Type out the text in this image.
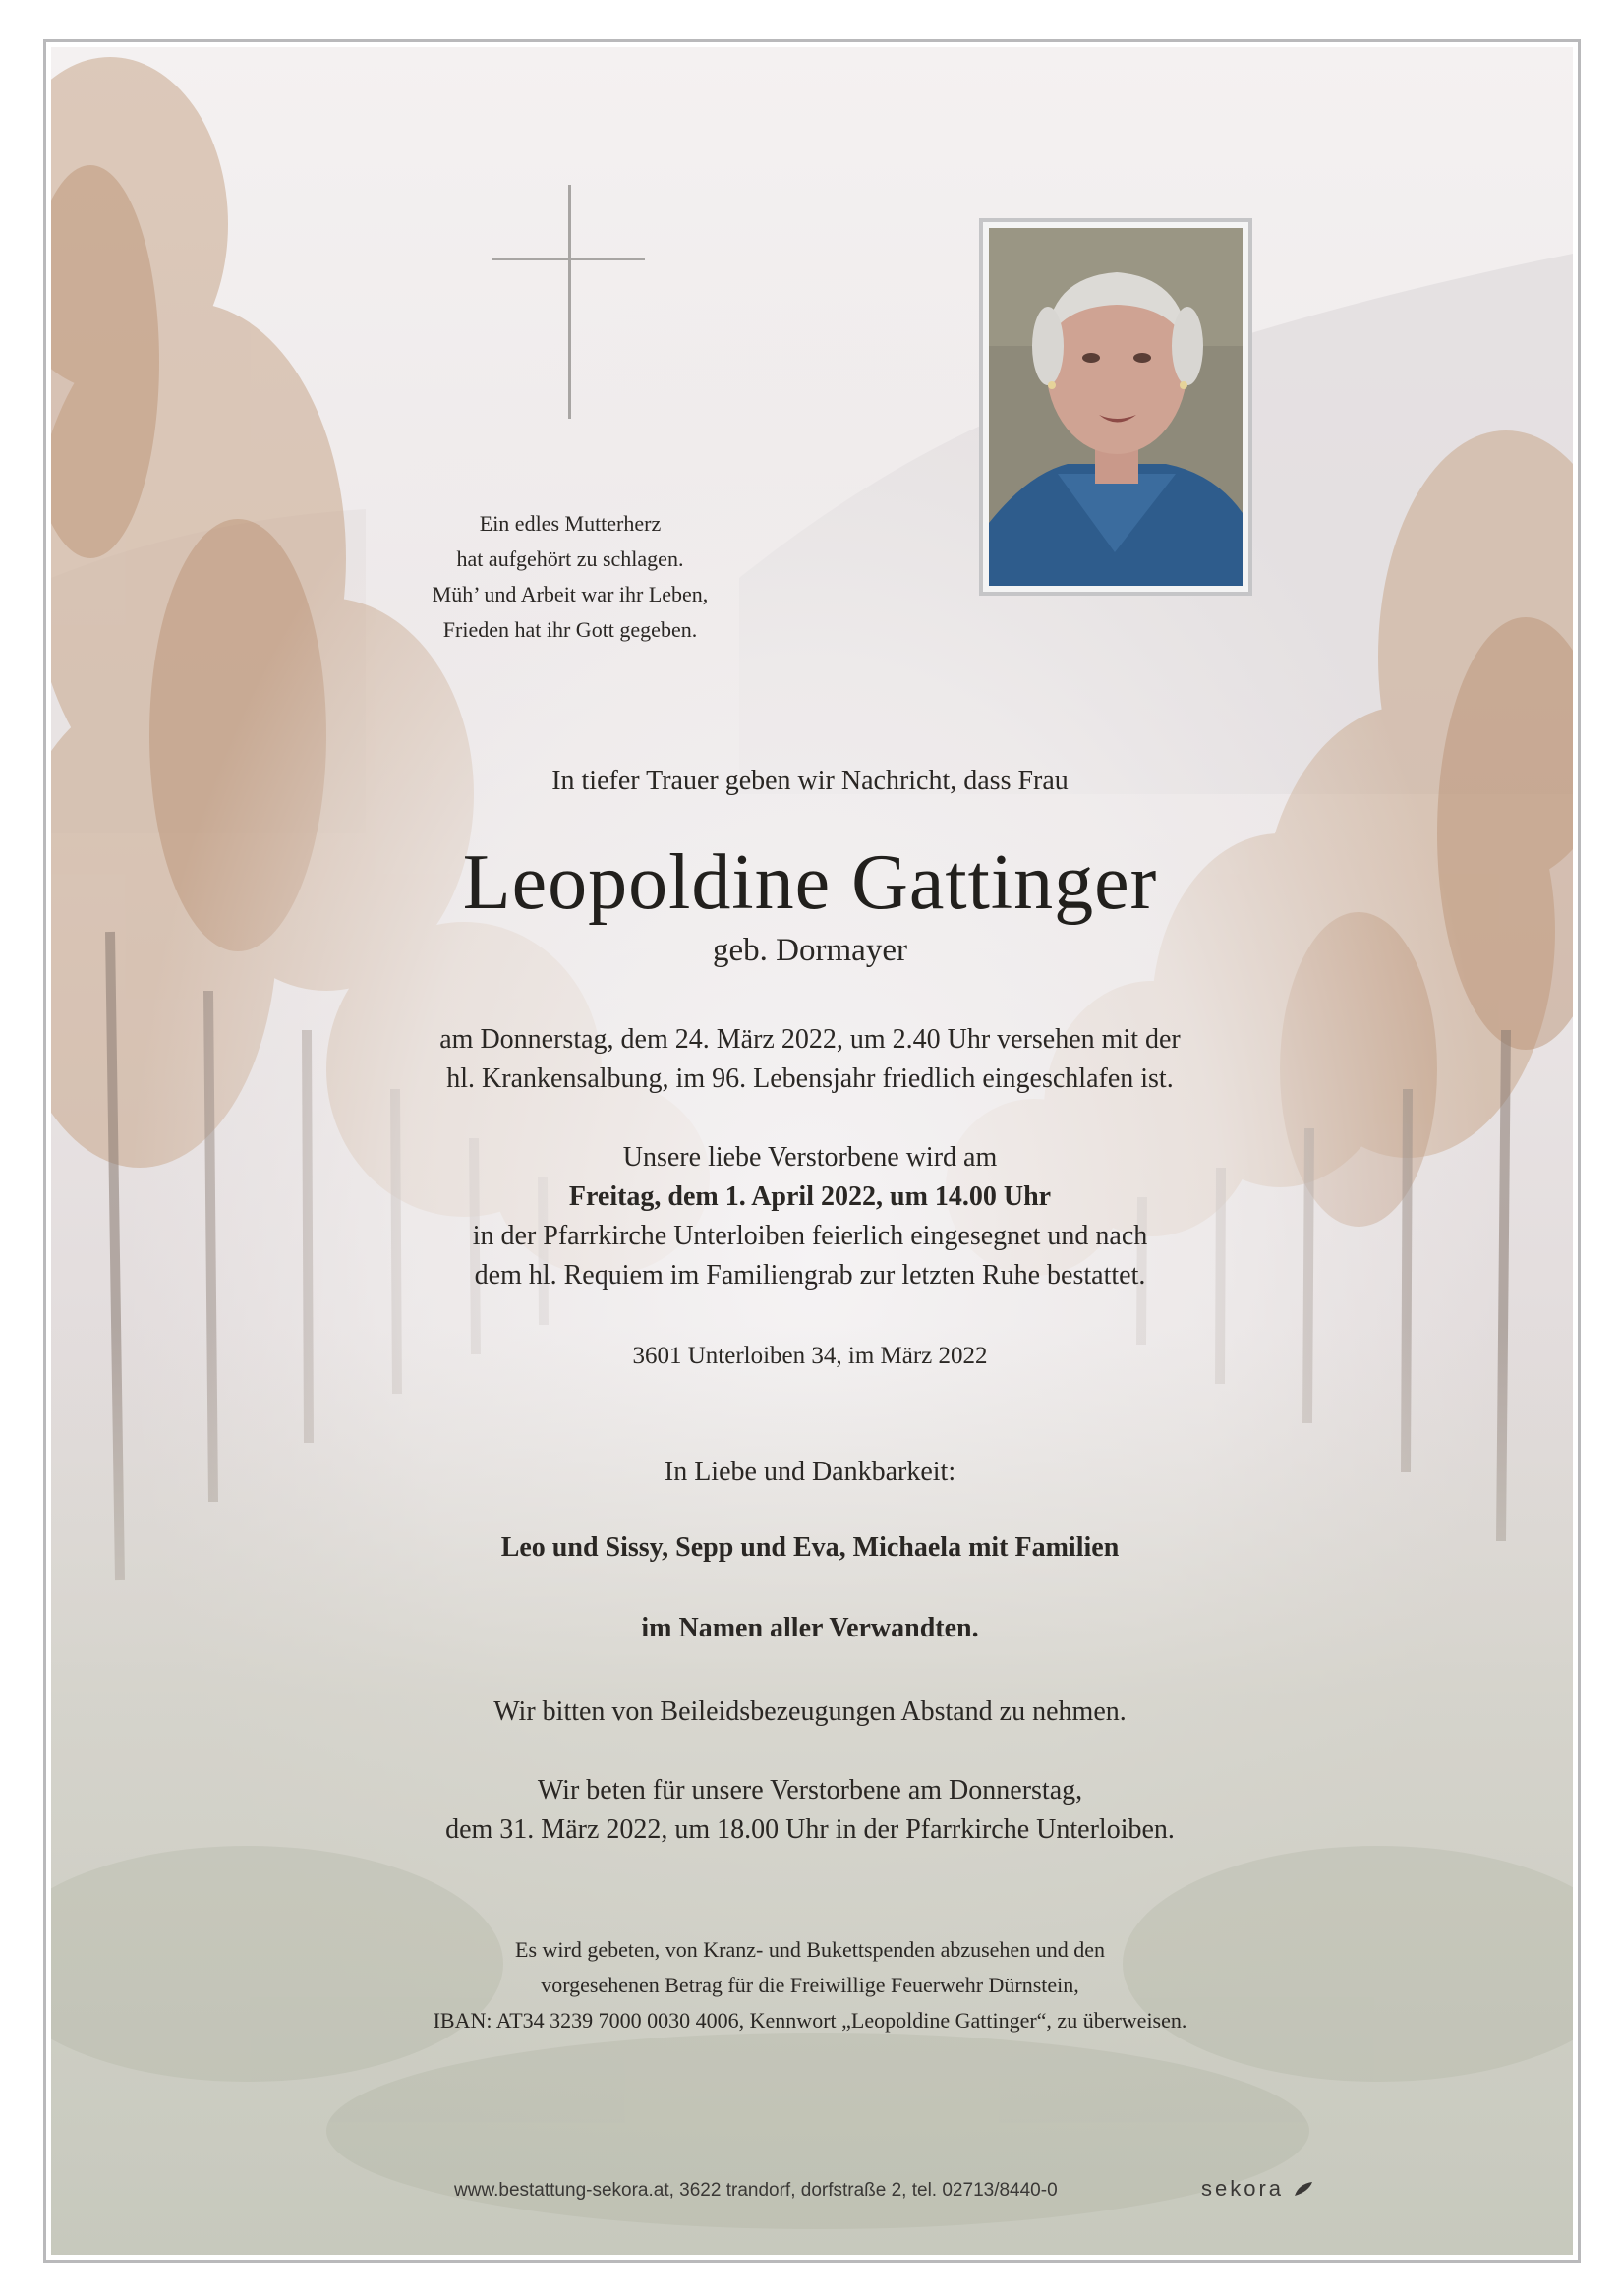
Ein edles Mutterherz
hat aufgehört zu schlagen.
Müh’ und Arbeit war ihr Leben,
Frieden hat ihr Gott gegeben.
In tiefer Trauer geben wir Nachricht, dass Frau
Leopoldine Gattinger
geb. Dormayer
am Donnerstag, dem 24. März 2022, um 2.40 Uhr versehen mit der
hl. Krankensalbung, im 96. Lebensjahr friedlich eingeschlafen ist.
Unsere liebe Verstorbene wird am
Freitag, dem 1. April 2022, um 14.00 Uhr
in der Pfarrkirche Unterloiben feierlich eingesegnet und nach
dem hl. Requiem im Familiengrab zur letzten Ruhe bestattet.
3601 Unterloiben 34, im März 2022
In Liebe und Dankbarkeit:
Leo und Sissy, Sepp und Eva, Michaela mit Familien
im Namen aller Verwandten.
Wir bitten von Beileidsbezeugungen Abstand zu nehmen.
Wir beten für unsere Verstorbene am Donnerstag,
dem 31. März 2022, um 18.00 Uhr in der Pfarrkirche Unterloiben.
Es wird gebeten, von Kranz- und Bukettspenden abzusehen und den
vorgesehenen Betrag für die Freiwillige Feuerwehr Dürnstein,
IBAN: AT34 3239 7000 0030 4006, Kennwort „Leopoldine Gattinger“, zu überweisen.
www.bestattung-sekora.at, 3622 trandorf, dorfstraße 2, tel. 02713/8440-0	sekora
